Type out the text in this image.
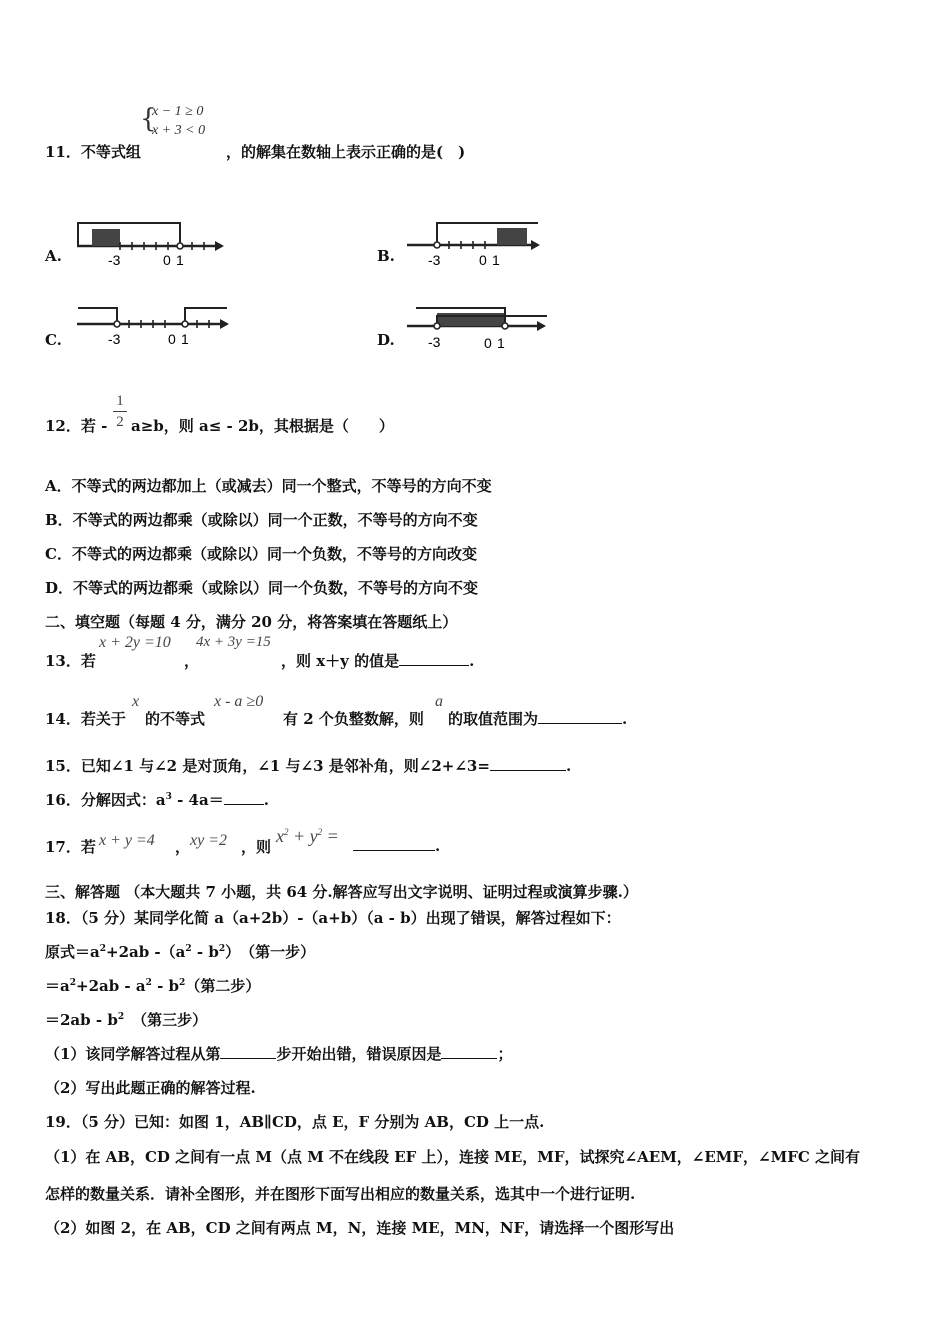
{
x − 1 ≥ 0
x + 3 < 0
11．不等式组	，的解集在数轴上表示正确的是(　)
A.	-3	0 1	B. -3	0 1
C.	-3	0 1	D. -3	0 1
12．若 -
1
2 a≥b，则 a≤ - 2b，其根据是（　　）
A．不等式的两边都加上（或减去）同一个整式，不等号的方向不变
B．不等式的两边都乘（或除以）同一个正数，不等号的方向不变
C．不等式的两边都乘（或除以）同一个负数，不等号的方向改变
D．不等式的两边都乘（或除以）同一个负数，不等号的方向不变
二、填空题（每题 4 分，满分 20 分，将答案填在答题纸上）
13．若
x + 2y =10
，
4x + 3y =15
，则 x＋y 的值是	.
14．若关于
x
的不等式
x - a ≥0
有 2 个负整数解，则
a
的取值范围为	.
15．已知∠1 与∠2 是对顶角，∠1 与∠3 是邻补角，则∠2+∠3=	.
16．分解因式：$a^3 - 4a=$	.
17．若 x + y =4 ， xy =2 ，则
$x^2 + y^2$ =	.
三、解答题 （本大题共 7 小题，共 64 分.解答应写出文字说明、证明过程或演算步骤.）
18．（5 分）某同学化简 a（a+2b）-（a+b）（a - b）出现了错误，解答过程如下：
原式$=a^2+2ab$ $-(a^2 - b^2)$　（第一步）
$=a^2+2ab - a^2 - b^2$（第二步）
$=2ab - b^2$ （第三步）
（1）该同学解答过程从第	步开始出错，错误原因是	；
（2）写出此题正确的解答过程.
19．（5 分）已知：如图 1，AB∥CD，点 E，F 分别为 AB，CD 上一点.
（1）在 AB，CD 之间有一点 M（点 M 不在线段 EF 上），连接 ME，MF，试探究∠AEM，∠EMF，∠MFC 之间有
怎样的数量关系．请补全图形，并在图形下面写出相应的数量关系，选其中一个进行证明.
（2）如图 2，在 AB，CD 之间有两点 M，N，连接 ME，MN，NF，请选择一个图形写出
